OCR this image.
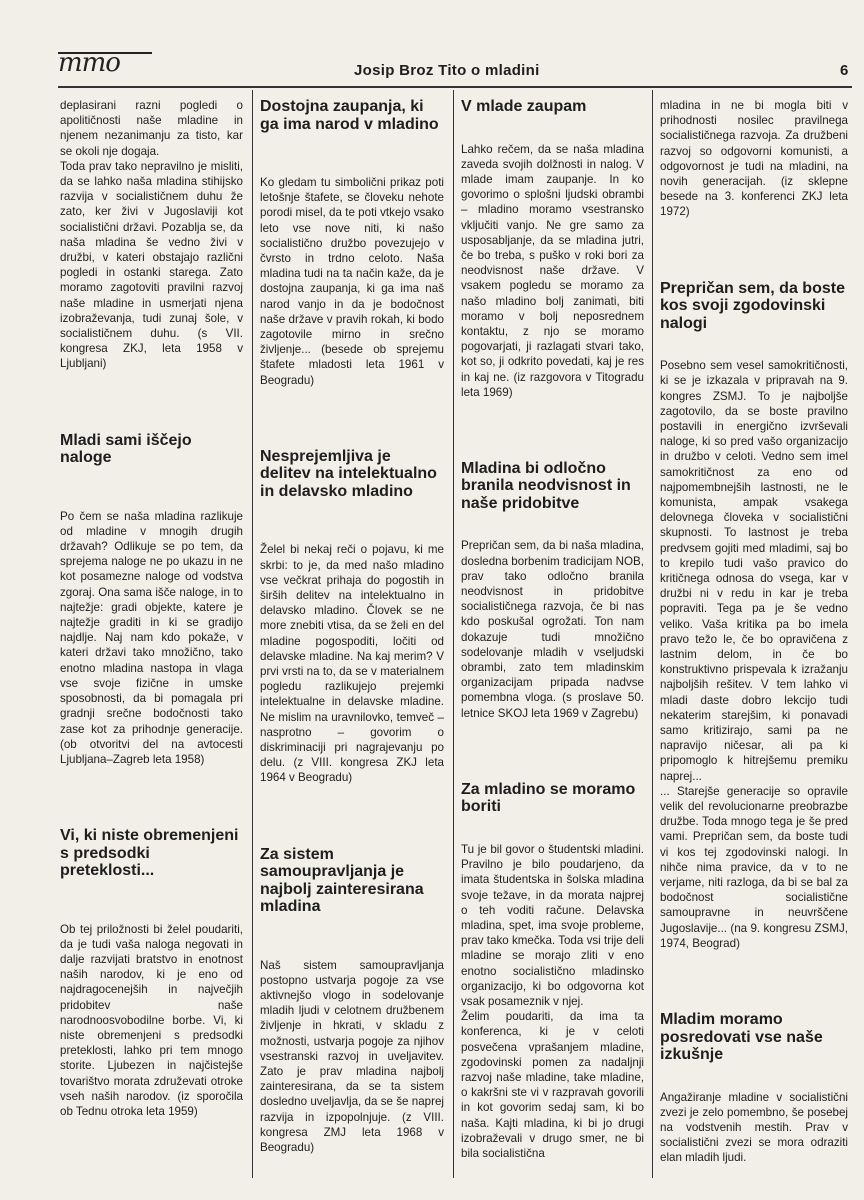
mmo	Josip Broz Tito o mladini	6

deplasirani razni pogledi o apolitičnosti naše mladine in njenem nezanimanju za tisto, kar se okoli nje dogaja.

Toda prav tako nepravilno je misliti, da se lahko naša mladina stihijsko razvija v socialističnem duhu že zato, ker živi v Jugoslaviji kot socialistični državi. Pozablja se, da naša mladina še vedno živi v družbi, v kateri obstajajo različni pogledi in ostanki starega. Zato moramo zagotoviti pravilni razvoj naše mladine in usmerjati njena izobraževanja, tudi zunaj šole, v socialističnem duhu. (s VII. kongresa ZKJ, leta 1958 v Ljubljani)

Mladi sami iščejo naloge

Po čem se naša mladina razlikuje od mladine v mnogih drugih državah? Odlikuje se po tem, da sprejema naloge ne po ukazu in ne kot posamezne naloge od vodstva zgoraj. Ona sama išče naloge, in to najtežje: gradi objekte, katere je najtežje graditi in ki se gradijo najdlje. Naj nam kdo pokaže, v kateri državi tako množično, tako enotno mladina nastopa in vlaga vse svoje fizične in umske sposobnosti, da bi pomagala pri gradnji srečne bodočnosti tako zase kot za prihodnje generacije. (ob otvoritvi del na avtocesti Ljubljana–Zagreb leta 1958)

Vi, ki niste obremenjeni s predsodki preteklosti...

Ob tej priložnosti bi želel poudariti, da je tudi vaša naloga negovati in dalje razvijati bratstvo in enotnost naših narodov, ki je eno od najdragocenejših in največjih pridobitev naše narodnoosvobodilne borbe. Vi, ki niste obremenjeni s predsodki preteklosti, lahko pri tem mnogo storite. Ljubezen in najčistejše tovarištvo morata združevati otroke vseh naših narodov. (iz sporočila ob Tednu otroka leta 1959)

Dostojna zaupanja, ki ga ima narod v mladino

Ko gledam tu simbolični prikaz poti letošnje štafete, se človeku nehote porodi misel, da te poti vtkejo vsako leto vse nove niti, ki našo socialistično družbo povezujejo v čvrsto in trdno celoto. Naša mladina tudi na ta način kaže, da je dostojna zaupanja, ki ga ima naš narod vanjo in da je bodočnost naše države v pravih rokah, ki bodo zagotovile mirno in srečno življenje... (besede ob sprejemu štafete mladosti leta 1961 v Beogradu)

Nesprejemljiva je delitev na intelektualno in delavsko mladino

Želel bi nekaj reči o pojavu, ki me skrbi: to je, da med našo mladino vse večkrat prihaja do pogostih in širših delitev na intelektualno in delavsko mladino. Človek se ne more znebiti vtisa, da se želi en del mladine pogospoditi, ločiti od delavske mladine. Na kaj merim? V prvi vrsti na to, da se v materialnem pogledu razlikujejo prejemki intelektualne in delavske mladine. Ne mislim na uravnilovko, temveč – nasprotno – govorim o diskriminaciji pri nagrajevanju po delu. (z VIII. kongresa ZKJ leta 1964 v Beogradu)

Za sistem samoupravljanja je najbolj zainteresirana mladina

Naš sistem samoupravljanja postopno ustvarja pogoje za vse aktivnejšo vlogo in sodelovanje mladih ljudi v celotnem družbenem življenje in hkrati, v skladu z možnosti, ustvarja pogoje za njihov vsestranski razvoj in uveljavitev. Zato je prav mladina najbolj zainteresirana, da se ta sistem dosledno uveljavlja, da se še naprej razvija in izpopolnjuje. (z VIII. kongresa ZMJ leta 1968 v Beogradu)

V mlade zaupam

Lahko rečem, da se naša mladina zaveda svojih dolžnosti in nalog. V mlade imam zaupanje. In ko govorimo o splošni ljudski obrambi – mladino moramo vsestransko vključiti vanjo. Ne gre samo za usposabljanje, da se mladina jutri, če bo treba, s puško v roki bori za neodvisnost naše države. V vsakem pogledu se moramo za našo mladino bolj zanimati, biti moramo v bolj neposrednem kontaktu, z njo se moramo pogovarjati, ji razlagati stvari tako, kot so, ji odkrito povedati, kaj je res in kaj ne. (iz razgovora v Titogradu leta 1969)

Mladina bi odločno branila neodvisnost in naše pridobitve

Prepričan sem, da bi naša mladina, dosledna borbenim tradicijam NOB, prav tako odločno branila neodvisnost in pridobitve socialističnega razvoja, če bi nas kdo poskušal ogrožati. Ton nam dokazuje tudi množično sodelovanje mladih v vseljudski obrambi, zato tem mladinskim organizacijam pripada nadvse pomembna vloga. (s proslave 50. letnice SKOJ leta 1969 v Zagrebu)

Za mladino se moramo boriti

Tu je bil govor o študentski mladini. Pravilno je bilo poudarjeno, da imata študentska in šolska mladina svoje težave, in da morata najprej o teh voditi račune. Delavska mladina, spet, ima svoje probleme, prav tako kmečka. Toda vsi trije deli mladine se morajo zliti v eno enotno socialistično mladinsko organizacijo, ki bo odgovorna kot vsak posameznik v njej.

Želim poudariti, da ima ta konferenca, ki je v celoti posvečena vprašanjem mladine, zgodovinski pomen za nadaljnji razvoj naše mladine, take mladine, o kakršni ste vi v razpravah govorili in kot govorim sedaj sam, ki bo naša. Kajti mladina, ki bi jo drugi izobraževali v drugo smer, ne bi bila socialistična

mladina in ne bi mogla biti v prihodnosti nosilec pravilnega socialističnega razvoja. Za družbeni razvoj so odgovorni komunisti, a odgovornost je tudi na mladini, na novih generacijah. (iz sklepne besede na 3. konferenci ZKJ leta 1972)

Prepričan sem, da boste kos svoji zgodovinski nalogi

Posebno sem vesel samokritičnosti, ki se je izkazala v pripravah na 9. kongres ZSMJ. To je najboljše zagotovilo, da se boste pravilno postavili in energično izvrševali naloge, ki so pred vašo organizacijo in družbo v celoti. Vedno sem imel samokritičnost za eno od najpomembnejših lastnosti, ne le komunista, ampak vsakega delovnega človeka v socialistični skupnosti. To lastnost je treba predvsem gojiti med mladimi, saj bo to krepilo tudi vašo pravico do kritičnega odnosa do vsega, kar v družbi ni v redu in kar je treba popraviti. Tega pa je še vedno veliko. Vaša kritika pa bo imela pravo težo le, če bo opravičena z lastnim delom, in če bo konstruktivno prispevala k izražanju najboljših rešitev. V tem lahko vi mladi daste dobro lekcijo tudi nekaterim starejšim, ki ponavadi samo kritizirajo, sami pa ne napravijo ničesar, ali pa ki pripomoglo k hitrejšemu premiku naprej...

... Starejše generacije so opravile velik del revolucionarne preobrazbe družbe. Toda mnogo tega je še pred vami. Prepričan sem, da boste tudi vi kos tej zgodovinski nalogi. In nihče nima pravice, da v to ne verjame, niti razloga, da bi se bal za bodočnost socialistične samoupravne in neuvrščene Jugoslavije... (na 9. kongresu ZSMJ, 1974, Beograd)

Mladim moramo posredovati vse naše izkušnje

Angažiranje mladine v socialistični zvezi je zelo pomembno, še posebej na vodstvenih mestih. Prav v socialistični zvezi se mora odraziti elan mladih ljudi.
